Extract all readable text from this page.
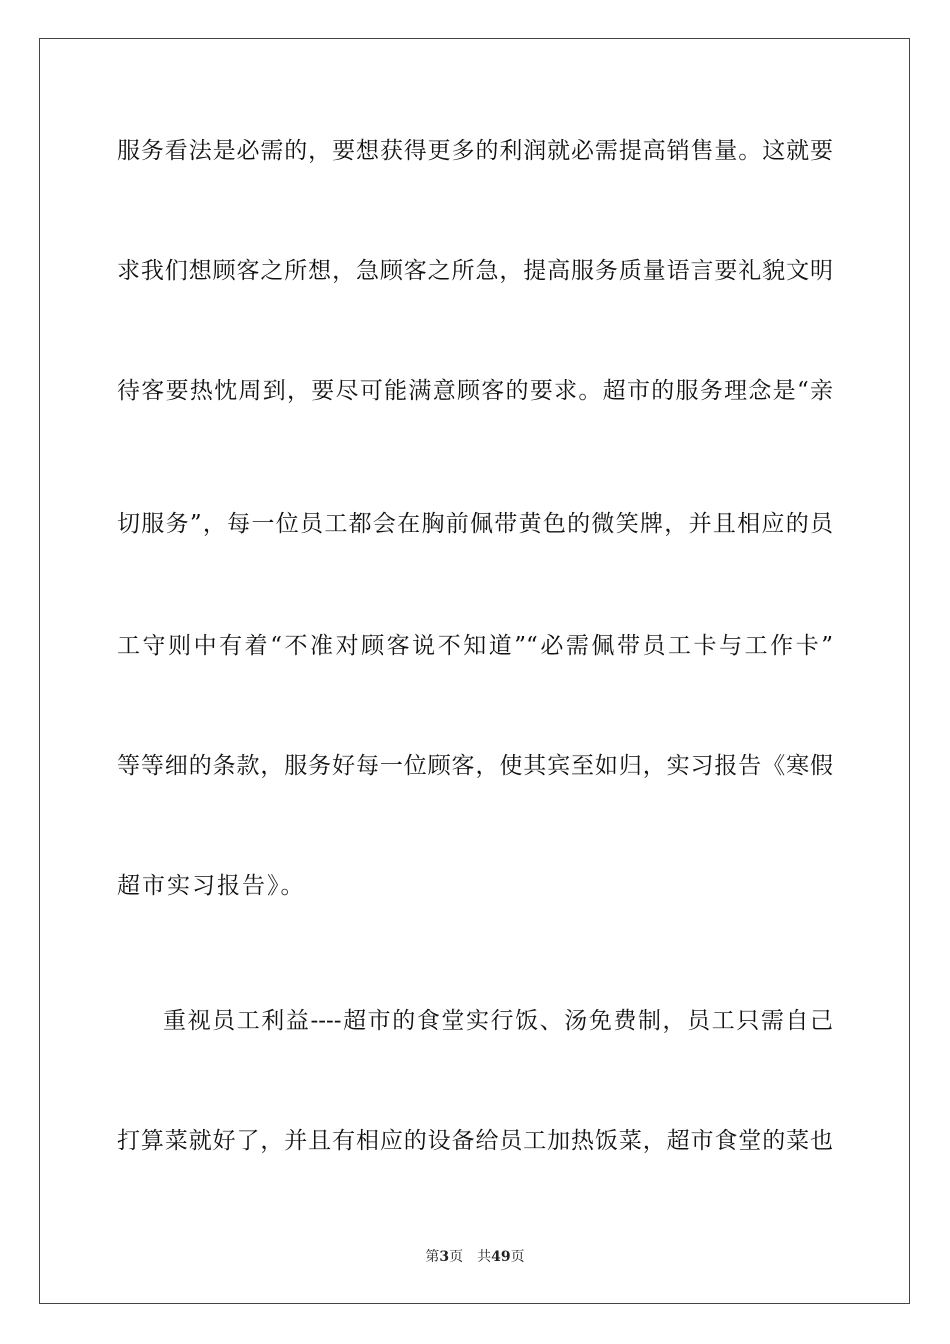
服务看法是必需的，要想获得更多的利润就必需提高销售量。这就要
求我们想顾客之所想，急顾客之所急，提高服务质量语言要礼貌文明
待客要热忱周到，要尽可能满意顾客的要求。超市的服务理念是“亲
切服务”，每一位员工都会在胸前佩带黄色的微笑牌，并且相应的员
工守则中有着“不准对顾客说不知道”“必需佩带员工卡与工作卡”
等等细的条款，服务好每一位顾客，使其宾至如归，实习报告《寒假
超市实习报告》。
重视员工利益----超市的食堂实行饭、汤免费制，员工只需自己
打算菜就好了，并且有相应的设备给员工加热饭菜，超市食堂的菜也
第3页 共49页
